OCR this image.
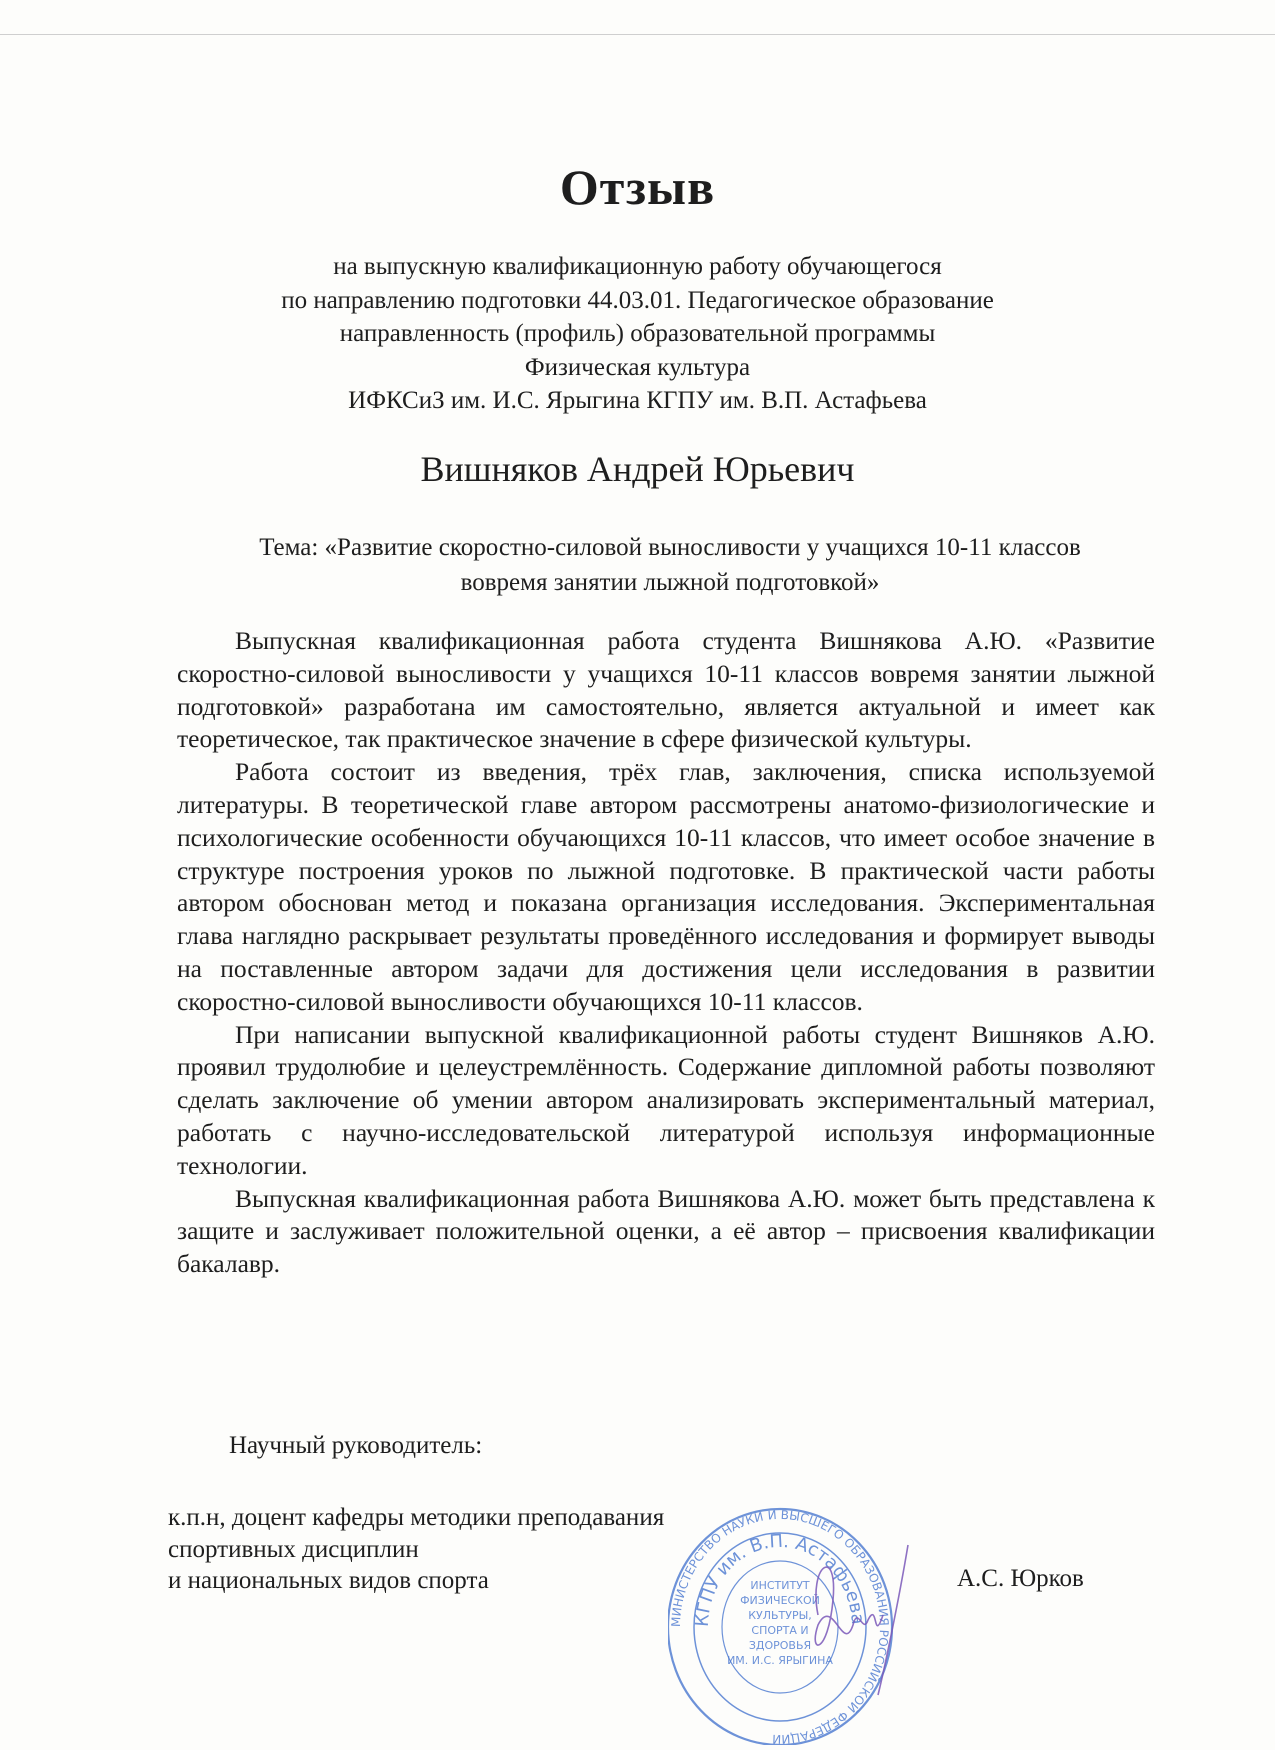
Отзыв
на выпускную квалификационную работу обучающегося
по направлению подготовки 44.03.01. Педагогическое образование
направленность (профиль) образовательной программы
Физическая культура
ИФКСиЗ им. И.С. Ярыгина КГПУ им. В.П. Астафьева
Вишняков Андрей Юрьевич
Тема: «Развитие скоростно-силовой выносливости у учащихся 10-11 классов
вовремя занятии лыжной подготовкой»

Выпускная квалификационная работа студента Вишнякова А.Ю. «Развитие скоростно-силовой выносливости у учащихся 10-11 классов вовремя занятии лыжной подготовкой» разработана им самостоятельно, является актуальной и имеет как теоретическое, так практическое значение в сфере физической культуры.

Работа состоит из введения, трёх глав, заключения, списка используемой литературы. В теоретической главе автором рассмотрены анатомо-физиологические и психологические особенности обучающихся 10-11 классов, что имеет особое значение в структуре построения уроков по лыжной подготовке. В практической части работы автором обоснован метод и показана организация исследования. Экспериментальная глава наглядно раскрывает результаты проведённого исследования и формирует выводы на поставленные автором задачи для достижения цели исследования в развитии скоростно-силовой выносливости обучающихся 10-11 классов.

При написании выпускной квалификационной работы студент Вишняков А.Ю. проявил трудолюбие и целеустремлённость. Содержание дипломной работы позволяют сделать заключение об умении автором анализировать экспериментальный материал, работать с научно-исследовательской литературой используя информационные технологии.

Выпускная квалификационная работа Вишнякова А.Ю. может быть представлена к защите и заслуживает положительной оценки, а её автор – присвоения квалификации бакалавр.

Научный руководитель:
к.п.н, доцент кафедры методики преподавания
спортивных дисциплин
и национальных видов спорта	А.С. Юрков
МИНИСТЕРСТВО НАУКИ И ВЫСШЕГО ОБРАЗОВАНИЯ РОССИЙСКОЙ ФЕДЕРАЦИИ
КГПУ им. В.П. Астафьева
ИНСТИТУТ
ФИЗИЧЕСКОЙ
КУЛЬТУРЫ,
СПОРТА И
ЗДОРОВЬЯ
ИМ. И.С. ЯРЫГИНА
